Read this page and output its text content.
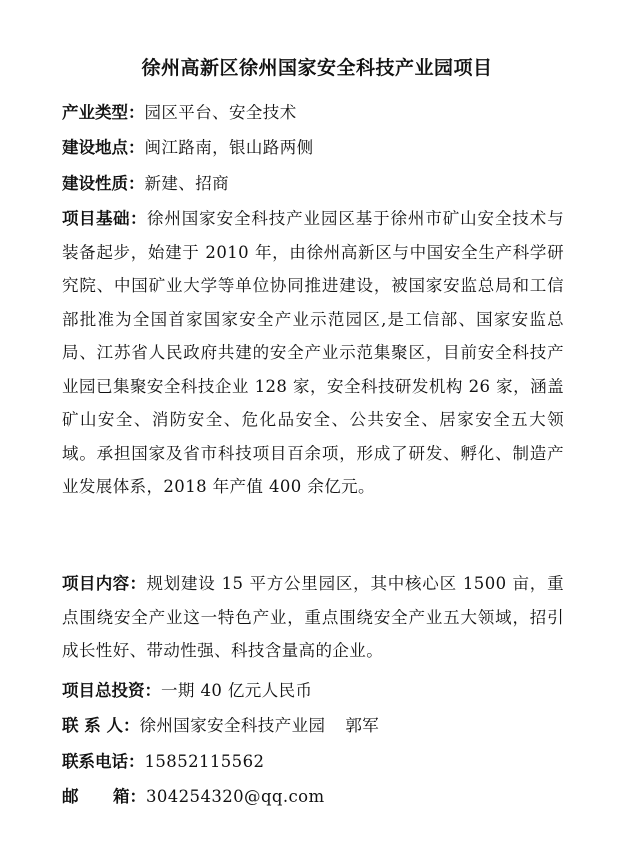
徐州高新区徐州国家安全科技产业园项目
产业类型：园区平台、安全技术
建设地点：闽江路南，银山路两侧
建设性质：新建、招商
项目基础：徐州国家安全科技产业园区基于徐州市矿山安全技术与装备起步，始建于 2010 年，由徐州高新区与中国安全生产科学研究院、中国矿业大学等单位协同推进建设，被国家安监总局和工信部批准为全国首家国家安全产业示范园区,是工信部、国家安监总局、江苏省人民政府共建的安全产业示范集聚区，目前安全科技产业园已集聚安全科技企业 128 家，安全科技研发机构 26 家，涵盖矿山安全、消防安全、危化品安全、公共安全、居家安全五大领域。承担国家及省市科技项目百余项，形成了研发、孵化、制造产业发展体系，2018 年产值 400 余亿元。
项目内容：规划建设 15 平方公里园区，其中核心区 1500 亩，重点围绕安全产业这一特色产业，重点围绕安全产业五大领域，招引成长性好、带动性强、科技含量高的企业。
项目总投资：一期 40 亿元人民币
联 系 人：徐州国家安全科技产业园 郭军
联系电话：15852115562
邮      箱：304254320@qq.com
